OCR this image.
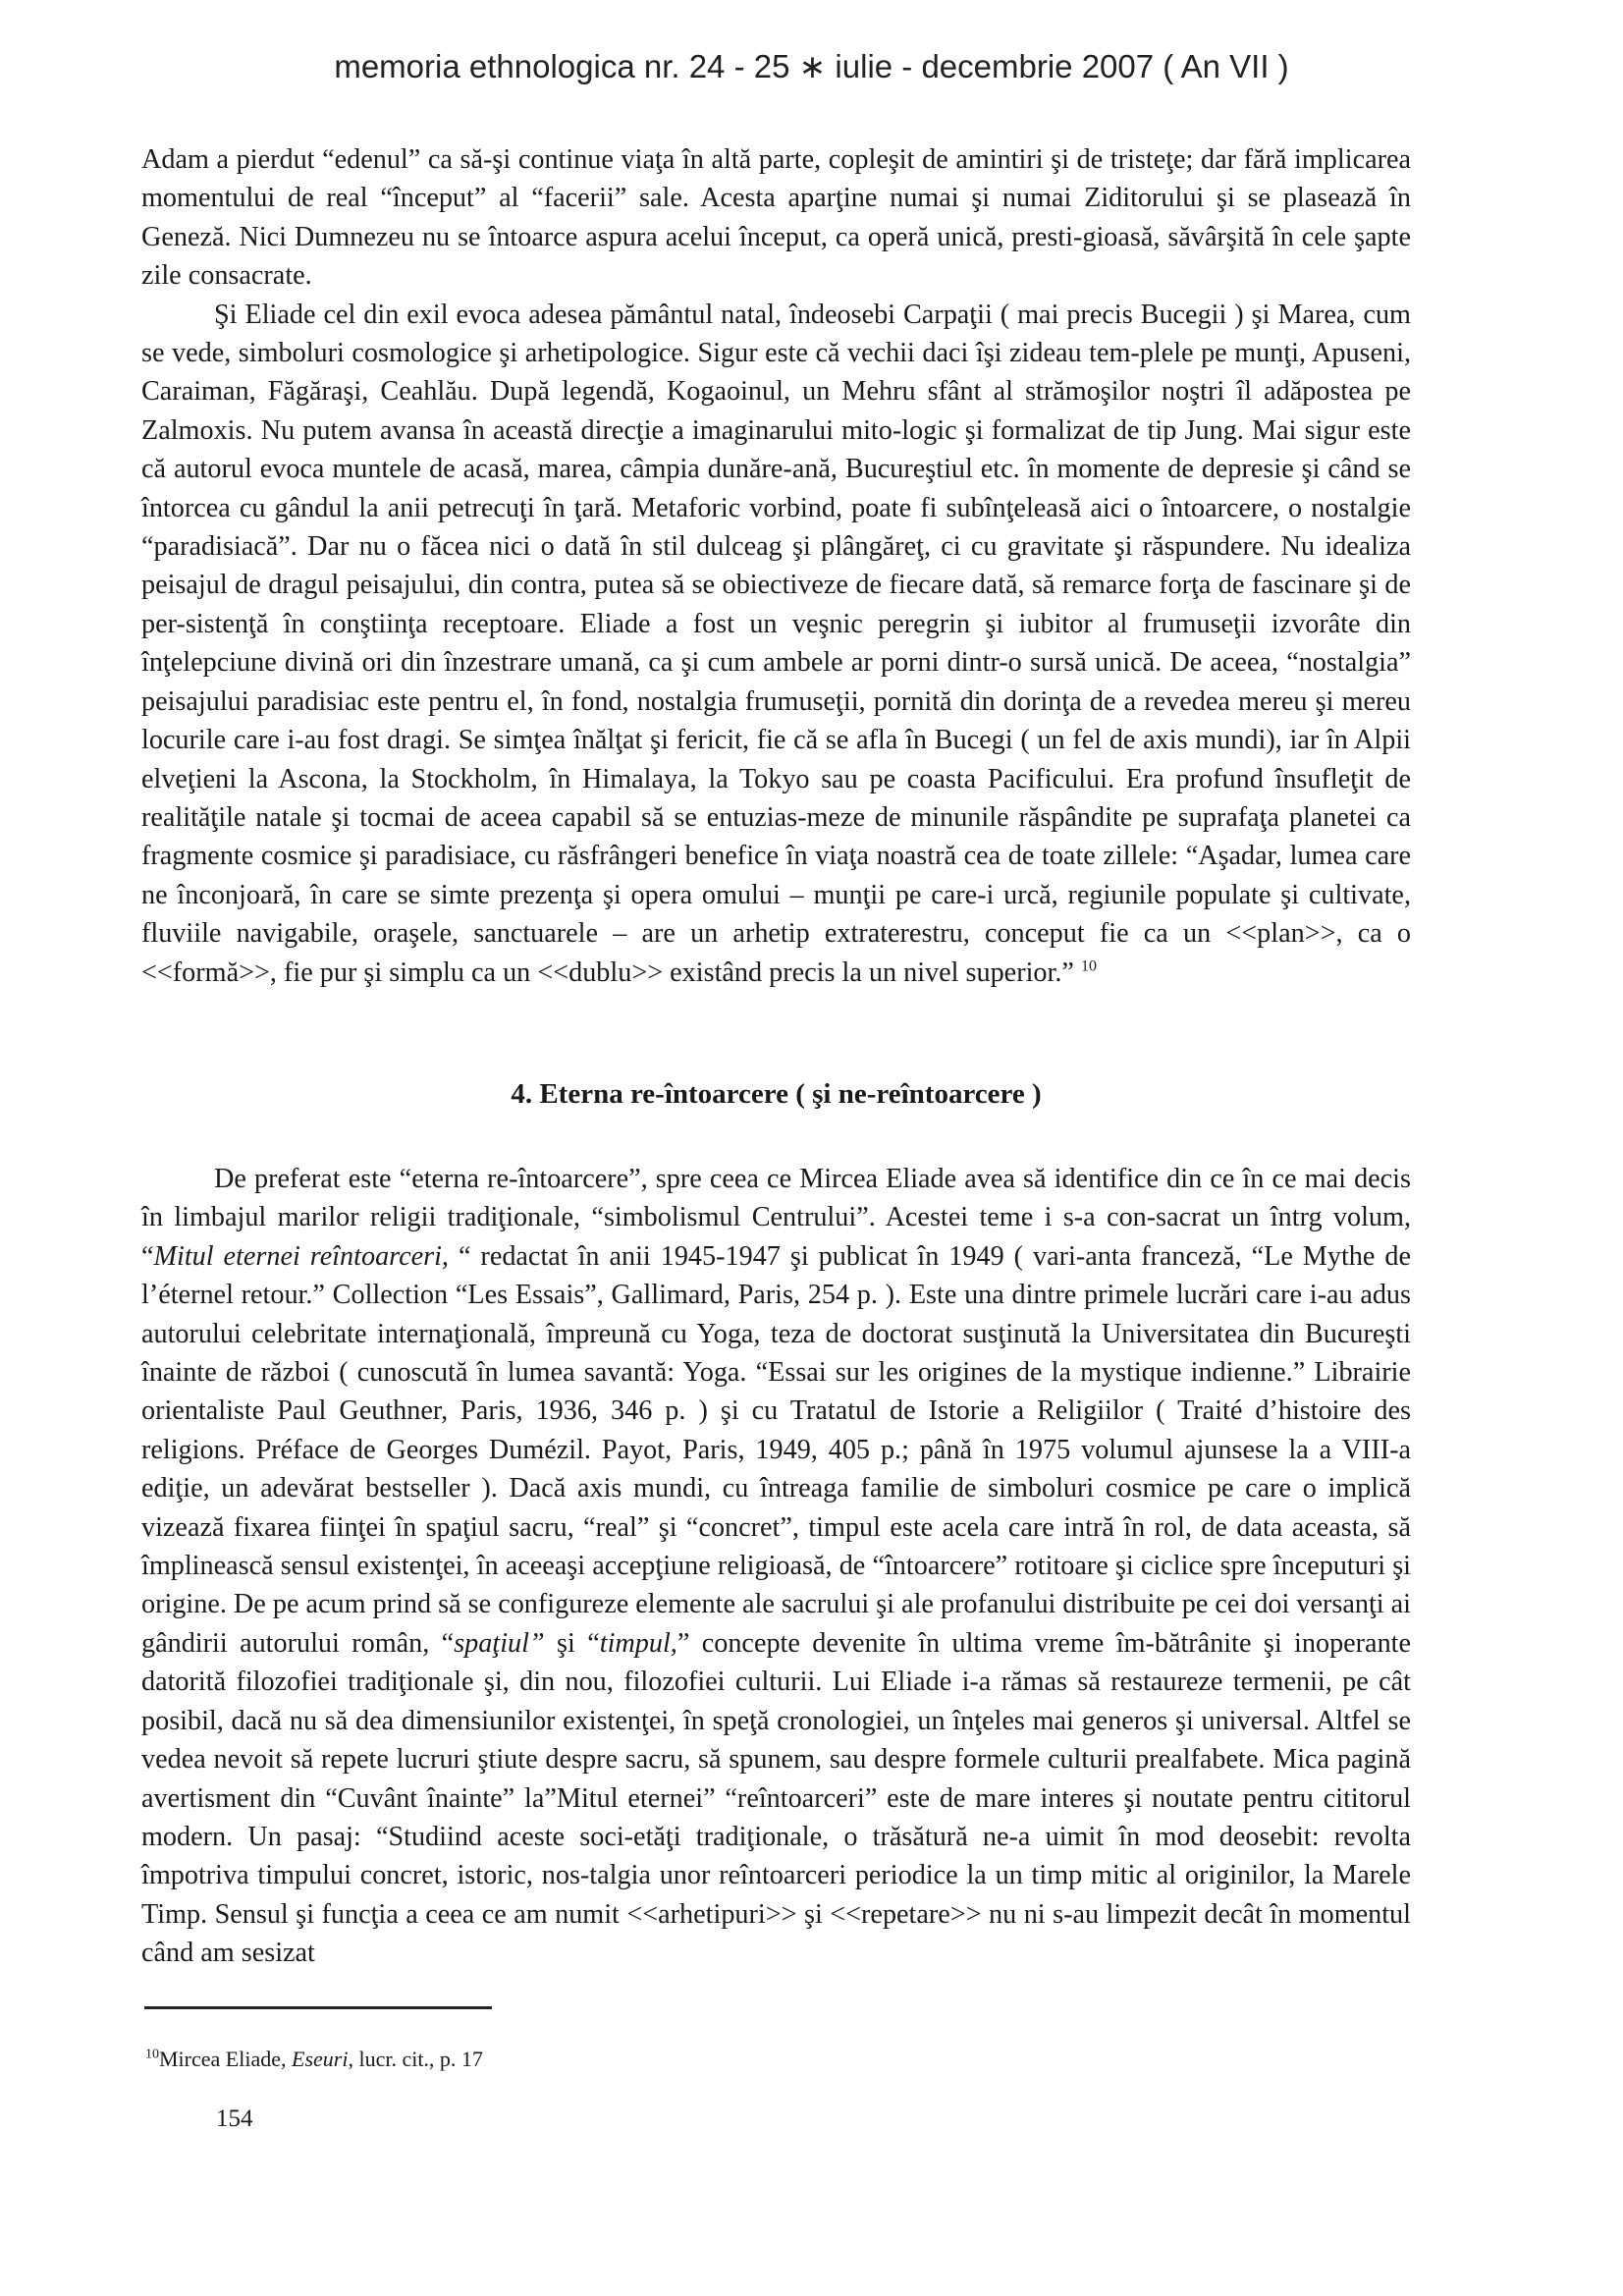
memoria ethnologica nr. 24 - 25 ∗ iulie - decembrie 2007 ( An VII )

Adam a pierdut “edenul” ca să-şi continue viaţa în altă parte, copleşit de amintiri şi de tristeţe; dar fără implicarea momentului de real “început” al “facerii” sale. Acesta aparţine numai şi numai Ziditorului şi se plasează în Geneză. Nici Dumnezeu nu se întoarce aspura acelui început, ca operă unică, presti-gioasă, săvârşită în cele şapte zile consacrate.

Şi Eliade cel din exil evoca adesea pământul natal, îndeosebi Carpaţii ( mai precis Bucegii ) şi Marea, cum se vede, simboluri cosmologice şi arhetipologice. Sigur este că vechii daci îşi zideau tem-plele pe munţi, Apuseni, Caraiman, Făgăraşi, Ceahlău. După legendă, Kogaoinul, un Mehru sfânt al strămoşilor noştri îl adăpostea pe Zalmoxis. Nu putem avansa în această direcţie a imaginarului mito-logic şi formalizat de tip Jung. Mai sigur este că autorul evoca muntele de acasă, marea, câmpia dunăre-ană, Bucureştiul etc. în momente de depresie şi când se întorcea cu gândul la anii petrecuţi în ţară. Metaforic vorbind, poate fi subînţeleasă aici o întoarcere, o nostalgie “paradisiacă”. Dar nu o făcea nici o dată în stil dulceag şi plângăreţ, ci cu gravitate şi răspundere. Nu idealiza peisajul de dragul peisajului, din contra, putea să se obiectiveze de fiecare dată, să remarce forţa de fascinare şi de per-sistenţă în conştiinţa receptoare. Eliade a fost un veşnic peregrin şi iubitor al frumuseţii izvorâte din înţelepciune divină ori din înzestrare umană, ca şi cum ambele ar porni dintr-o sursă unică. De aceea, “nostalgia” peisajului paradisiac este pentru el, în fond, nostalgia frumuseţii, pornită din dorinţa de a revedea mereu şi mereu locurile care i-au fost dragi. Se simţea înălţat şi fericit, fie că se afla în Bucegi ( un fel de axis mundi), iar în Alpii elveţieni la Ascona, la Stockholm, în Himalaya, la Tokyo sau pe coasta Pacificului. Era profund însufleţit de realităţile natale şi tocmai de aceea capabil să se entuzias-meze de minunile răspândite pe suprafaţa planetei ca fragmente cosmice şi paradisiace, cu răsfrângeri benefice în viaţa noastră cea de toate zillele: “Aşadar, lumea care ne înconjoară, în care se simte prezenţa şi opera omului – munţii pe care-i urcă, regiunile populate şi cultivate, fluviile navigabile, oraşele, sanctuarele – are un arhetip extraterestru, conceput fie ca un <<plan>>, ca o <<formă>>, fie pur şi simplu ca un <<dublu>> existând precis la un nivel superior.” $^{10}$

4. Eterna re-întoarcere ( şi ne-reîntoarcere )

De preferat este “eterna re-întoarcere”, spre ceea ce Mircea Eliade avea să identifice din ce în ce mai decis în limbajul marilor religii tradiţionale, “simbolismul Centrului”. Acestei teme i s-a con-sacrat un întrg volum, “Mitul eternei reîntoarceri, “ redactat în anii 1945-1947 şi publicat în 1949 ( vari-anta franceză, “Le Mythe de l’éternel retour.” Collection “Les Essais”, Gallimard, Paris, 254 p. ). Este una dintre primele lucrări care i-au adus autorului celebritate internaţională, împreună cu Yoga, teza de doctorat susţinută la Universitatea din Bucureşti înainte de război ( cunoscută în lumea savantă: Yoga. “Essai sur les origines de la mystique indienne.” Librairie orientaliste Paul Geuthner, Paris, 1936, 346 p. ) şi cu Tratatul de Istorie a Religiilor ( Traité d’histoire des religions. Préface de Georges Dumézil. Payot, Paris, 1949, 405 p.; până în 1975 volumul ajunsese la a VIII-a ediţie, un adevărat bestseller ). Dacă axis mundi, cu întreaga familie de simboluri cosmice pe care o implică vizează fixarea fiinţei în spaţiul sacru, “real” şi “concret”, timpul este acela care intră în rol, de data aceasta, să împlinească sensul existenţei, în aceeaşi accepţiune religioasă, de “întoarcere” rotitoare şi ciclice spre începuturi şi origine. De pe acum prind să se configureze elemente ale sacrului şi ale profanului distribuite pe cei doi versanţi ai gândirii autorului român, “spaţiul” şi “timpul,” concepte devenite în ultima vreme îm-bătrânite şi inoperante datorită filozofiei tradiţionale şi, din nou, filozofiei culturii. Lui Eliade i-a rămas să restaureze termenii, pe cât posibil, dacă nu să dea dimensiunilor existenţei, în speţă cronologiei, un înţeles mai generos şi universal. Altfel se vedea nevoit să repete lucruri ştiute despre sacru, să spunem, sau despre formele culturii prealfabete. Mica pagină avertisment din “Cuvânt înainte” la”Mitul eternei” “reîntoarceri” este de mare interes şi noutate pentru cititorul modern. Un pasaj: “Studiind aceste soci-etăţi tradiţionale, o trăsătură ne-a uimit în mod deosebit: revolta împotriva timpului concret, istoric, nos-talgia unor reîntoarceri periodice la un timp mitic al originilor, la Marele Timp. Sensul şi funcţia a ceea ce am numit <<arhetipuri>> şi <<repetare>> nu ni s-au limpezit decât în momentul când am sesizat

$^{10}$Mircea Eliade, Eseuri, lucr. cit., p. 17
154
